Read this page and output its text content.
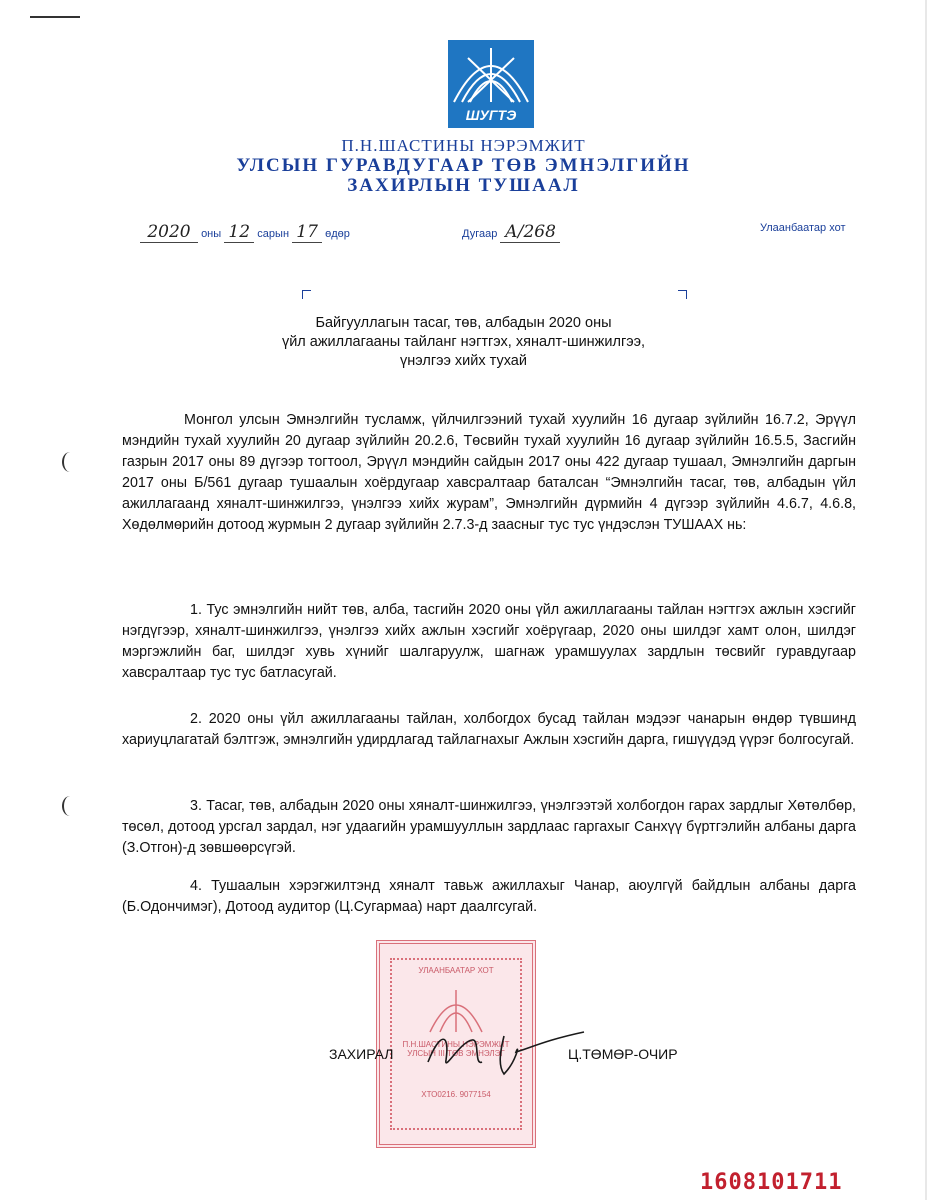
ШУГТЭ
П.Н.ШАСТИНЫ НЭРЭМЖИТ
УЛСЫН ГУРАВДУГААР ТӨВ ЭМНЭЛГИЙН
ЗАХИРЛЫН ТУШААЛ
2020 оны 12 сарын 17 өдөр	Дугаар А/268	Улаанбаатар хот
Байгууллагын тасаг, төв, албадын 2020 оны
үйл ажиллагааны тайланг нэгтгэх, хяналт-шинжилгээ,
үнэлгээ хийх тухай

Монгол улсын Эмнэлгийн тусламж, үйлчилгээний тухай хуулийн 16 дугаар зүйлийн 16.7.2, Эрүүл мэндийн тухай хуулийн 20 дугаар зүйлийн 20.2.6, Төсвийн тухай хуулийн 16 дугаар зүйлийн 16.5.5, Засгийн газрын 2017 оны 89 дүгээр тогтоол, Эрүүл мэндийн сайдын 2017 оны 422 дугаар тушаал, Эмнэлгийн даргын 2017 оны Б/561 дугаар тушаалын хоёрдугаар хавсралтаар баталсан “Эмнэлгийн тасаг, төв, албадын үйл ажиллагаанд хяналт-шинжилгээ, үнэлгээ хийх журам”, Эмнэлгийн дүрмийн 4 дүгээр зүйлийн 4.6.7, 4.6.8, Хөдөлмөрийн дотоод журмын 2 дугаар зүйлийн 2.7.3-д заасныг тус тус үндэслэн ТУШААХ нь:

1. Тус эмнэлгийн нийт төв, алба, тасгийн 2020 оны үйл ажиллагааны тайлан нэгтгэх ажлын хэсгийг нэгдүгээр, хяналт-шинжилгээ, үнэлгээ хийх ажлын хэсгийг хоёрүгаар, 2020 оны шилдэг хамт олон, шилдэг мэргэжлийн баг, шилдэг хувь хүнийг шалгаруулж, шагнаж урамшуулах зардлын төсвийг гуравдугаар хавсралтаар тус тус батлaсугай.

2. 2020 оны үйл ажиллагааны тайлан, холбогдох бусад тайлан мэдээг чанарын өндөр түвшинд хариуцлагатай бэлтгэж, эмнэлгийн удирдлагад тайлагнахыг Ажлын хэсгийн дарга, гишүүдэд үүрэг болгосугай.

3. Тасаг, төв, албадын 2020 оны хяналт-шинжилгээ, үнэлгээтэй холбогдон гарах зардлыг Хөтөлбөр, төсөл, дотоод урсгал зардал, нэг удаагийн урамшууллын зардлаас гаргахыг Санхүү бүртгэлийн албаны дарга (З.Отгон)-д зөвшөөрсүгэй.

4. Тушаалын хэрэгжилтэнд хяналт тавьж ажиллахыг Чанар, аюулгүй байдлын албаны дарга (Б.Одончимэг), Дотоод аудитор (Ц.Сугармаа) нарт даалгсугай.

УЛААНБААТАР ХОТ
П.Н.ШАСТИНЫ НЭРЭМЖИТ УЛСЫН III ТӨВ ЭМНЭЛЭГ
ХТО0216. 9077154
ЗАХИРАЛ	Ц.ТӨМӨР-ОЧИР
1608101711
